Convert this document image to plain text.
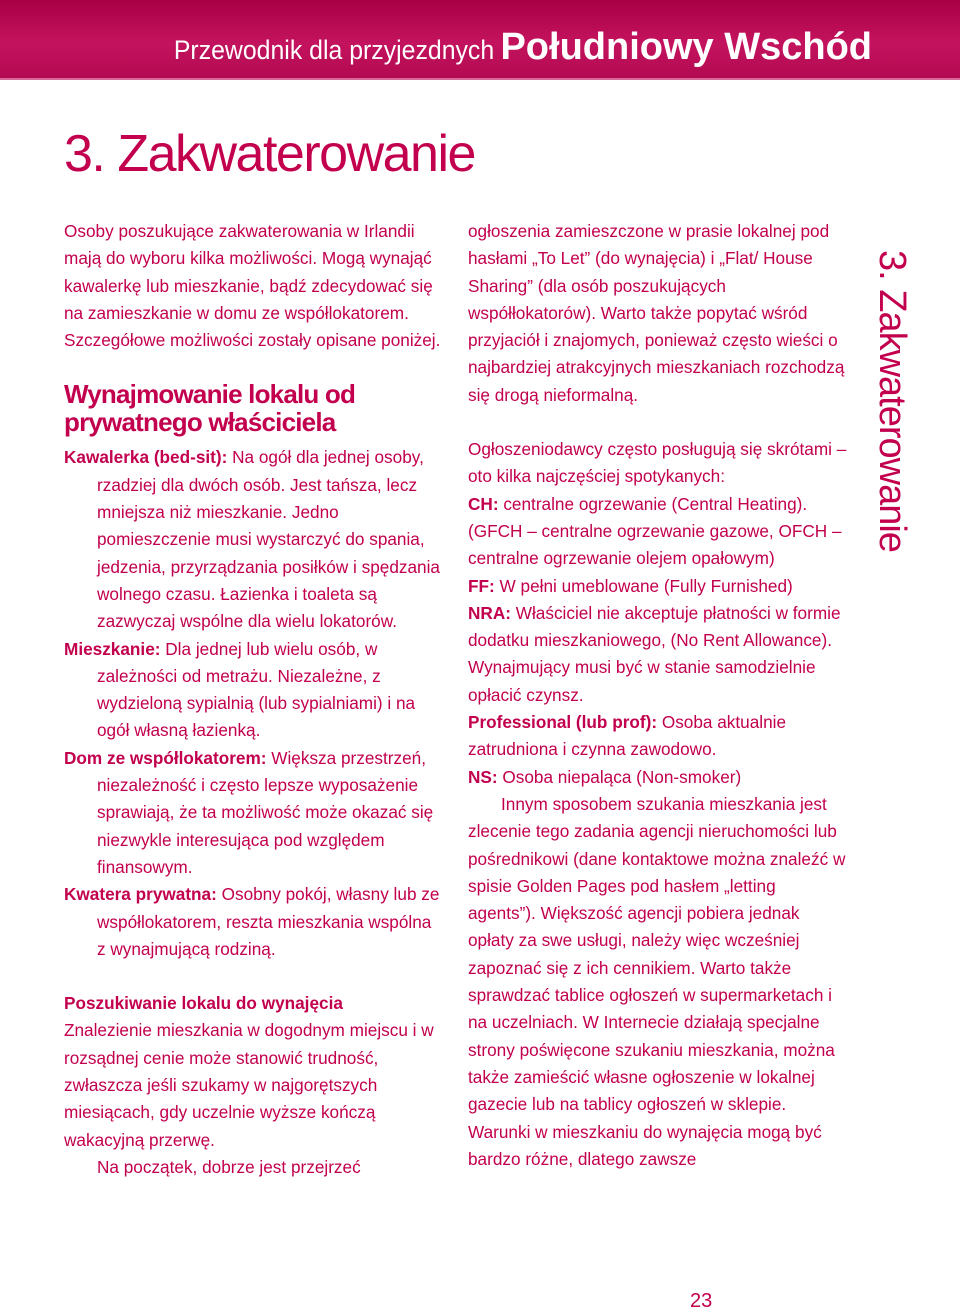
Przewodnik dla przyjezdnych Południowy Wschód
3. Zakwaterowanie
3. Zakwaterowanie

Osoby poszukujące zakwaterowania w Irlandii mają do wyboru kilka możliwości. Mogą wynająć kawalerkę lub mieszkanie, bądź zdecydować się na zamieszkanie w domu ze współlokatorem. Szczegółowe możliwości zostały opisane poniżej.

Wynajmowanie lokalu od prywatnego właściciela

Kawalerka (bed-sit): Na ogół dla jednej osoby, rzadziej dla dwóch osób. Jest tańsza, lecz mniejsza niż mieszkanie. Jedno pomieszczenie musi wystarczyć do spania, jedzenia, przyrządzania posiłków i spędzania wolnego czasu. Łazienka i toaleta są zazwyczaj wspólne dla wielu lokatorów.

Mieszkanie: Dla jednej lub wielu osób, w zależności od metrażu. Niezależne, z wydzieloną sypialnią (lub sypialniami) i na ogół własną łazienką.

Dom ze współlokatorem: Większa przestrzeń, niezależność i często lepsze wyposażenie sprawiają, że ta możliwość może okazać się niezwykle interesująca pod względem finansowym.

Kwatera prywatna: Osobny pokój, własny lub ze współlokatorem, reszta mieszkania wspólna z wynajmującą rodziną.

Poszukiwanie lokalu do wynajęcia

Znalezienie mieszkania w dogodnym miejscu i w rozsądnej cenie może stanowić trudność, zwłaszcza jeśli szukamy w najgorętszych miesiącach, gdy uczelnie wyższe kończą wakacyjną przerwę.

Na początek, dobrze jest przejrzeć

ogłoszenia zamieszczone w prasie lokalnej pod hasłami „To Let” (do wynajęcia) i „Flat/ House Sharing” (dla osób poszukujących współłokatorów). Warto także popytać wśród przyjaciół i znajomych, ponieważ często wieści o najbardziej atrakcyjnych mieszkaniach rozchodzą się drogą nieformalną.

Ogłoszeniodawcy często posługują się skrótami – oto kilka najczęściej spotykanych:

CH: centralne ogrzewanie (Central Heating). (GFCH – centralne ogrzewanie gazowe, OFCH – centralne ogrzewanie olejem opałowym)

FF: W pełni umeblowane (Fully Furnished)

NRA: Właściciel nie akceptuje płatności w formie dodatku mieszkaniowego, (No Rent Allowance). Wynajmujący musi być w stanie samodzielnie opłacić czynsz.

Professional (lub prof): Osoba aktualnie zatrudniona i czynna zawodowo.

NS: Osoba niepaląca (Non-smoker)

Innym sposobem szukania mieszkania jest zlecenie tego zadania agencji nieruchomości lub pośrednikowi (dane kontaktowe można znaleźć w spisie Golden Pages pod hasłem „letting agents”). Większość agencji pobiera jednak opłaty za swe usługi, należy więc wcześniej zapoznać się z ich cennikiem. Warto także sprawdzać tablice ogłoszeń w supermarketach i na uczelniach. W Internecie działają specjalne strony poświęcone szukaniu mieszkania, można także zamieścić własne ogłoszenie w lokalnej gazecie lub na tablicy ogłoszeń w sklepie. Warunki w mieszkaniu do wynajęcia mogą być bardzo różne, dlatego zawsze

23
